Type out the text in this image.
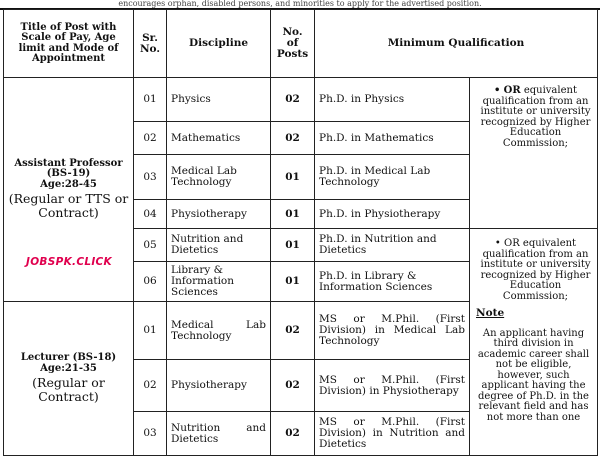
encourages orphan, disabled persons, and minorities to apply for the advertised position.
Title of Post with Scale of Pay, Age limit and Mode of Appointment	Sr. No.	Discipline	No. of Posts	Minimum Qualification	

Assistant Professor (BS-19)
Age:28-45
(Regular or TTS or Contract)	01	Physics	02	Ph.D. in Physics	• OR equivalent qualification from an institute or university recognized by Higher Education Commission;

	02	Mathematics	02	Ph.D. in Mathematics	
	03	Medical Lab Technology	01	Ph.D. in Medical Lab Technology	
	04	Physiotherapy	01	Ph.D. in Physiotherapy	
	05	Nutrition and Dietetics	01	Ph.D. in Nutrition and Dietetics	• OR equivalent qualification from an institute or university recognized by Higher Education Commission;
Note
An applicant having third division in academic career shall not be eligible, however, such applicant having the degree of Ph.D. in the relevant field and has not more than one

	06	Library & Information Sciences	01	Ph.D. in Library & Information Sciences	

Lecturer (BS-18)
Age:21-35
(Regular or Contract)	01	Medical Lab Technology	02	MS or M.Phil. (First Division) in Medical Lab Technology	
	02	Physiotherapy	02	MS or M.Phil. (First Division) in Physiotherapy	
	03	Nutrition and Dietetics	02	MS or M.Phil. (First Division) in Nutrition and Dietetics	
JOBSPK.CLICK
